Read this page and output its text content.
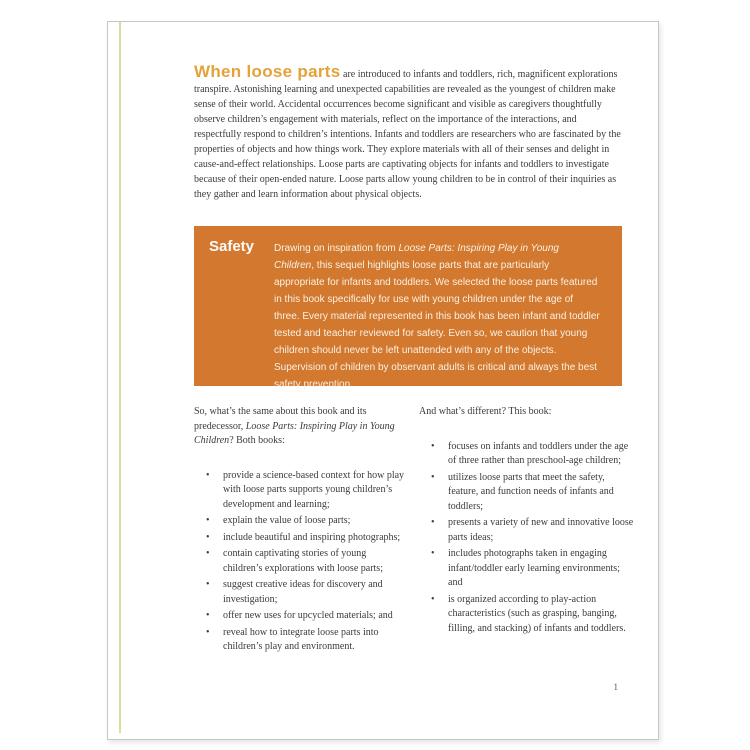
When loose parts are introduced to infants and toddlers, rich, magnificent explorations transpire. Astonishing learning and unexpected capabilities are revealed as the youngest of children make sense of their world. Accidental occurrences become significant and visible as caregivers thoughtfully observe children’s engagement with materials, reflect on the importance of the interactions, and respectfully respond to children’s intentions. Infants and toddlers are researchers who are fascinated by the properties of objects and how things work. They explore materials with all of their senses and delight in cause-and-effect relationships. Loose parts are captivating objects for infants and toddlers to investigate because of their open-ended nature. Loose parts allow young children to be in control of their inquiries as they gather and learn information about physical objects.

Safety	Drawing on inspiration from Loose Parts: Inspiring Play in Young Children, this sequel highlights loose parts that are particularly appropriate for infants and toddlers. We selected the loose parts featured in this book specifically for use with young children under the age of three. Every material represented in this book has been infant and toddler tested and teacher reviewed for safety. Even so, we caution that young children should never be left unattended with any of the objects. Supervision of children by observant adults is critical and always the best safety prevention

So, what’s the same about this book and its predecessor, Loose Parts: Inspiring Play in Young Children? Both books:

• provide a science-based context for how play with loose parts supports young children’s development and learning;
• explain the value of loose parts;
• include beautiful and inspiring photographs;
• contain captivating stories of young children’s explorations with loose parts;
• suggest creative ideas for discovery and investigation;
• offer new uses for upcycled materials; and
• reveal how to integrate loose parts into children’s play and environment.

And what’s different? This book:

• focuses on infants and toddlers under the age of three rather than preschool-age children;
• utilizes loose parts that meet the safety, feature, and function needs of infants and toddlers;
• presents a variety of new and innovative loose parts ideas;
• includes photographs taken in engaging infant/toddler early learning environments; and
• is organized according to play-action characteristics (such as grasping, banging, filling, and stacking) of infants and toddlers.
1
